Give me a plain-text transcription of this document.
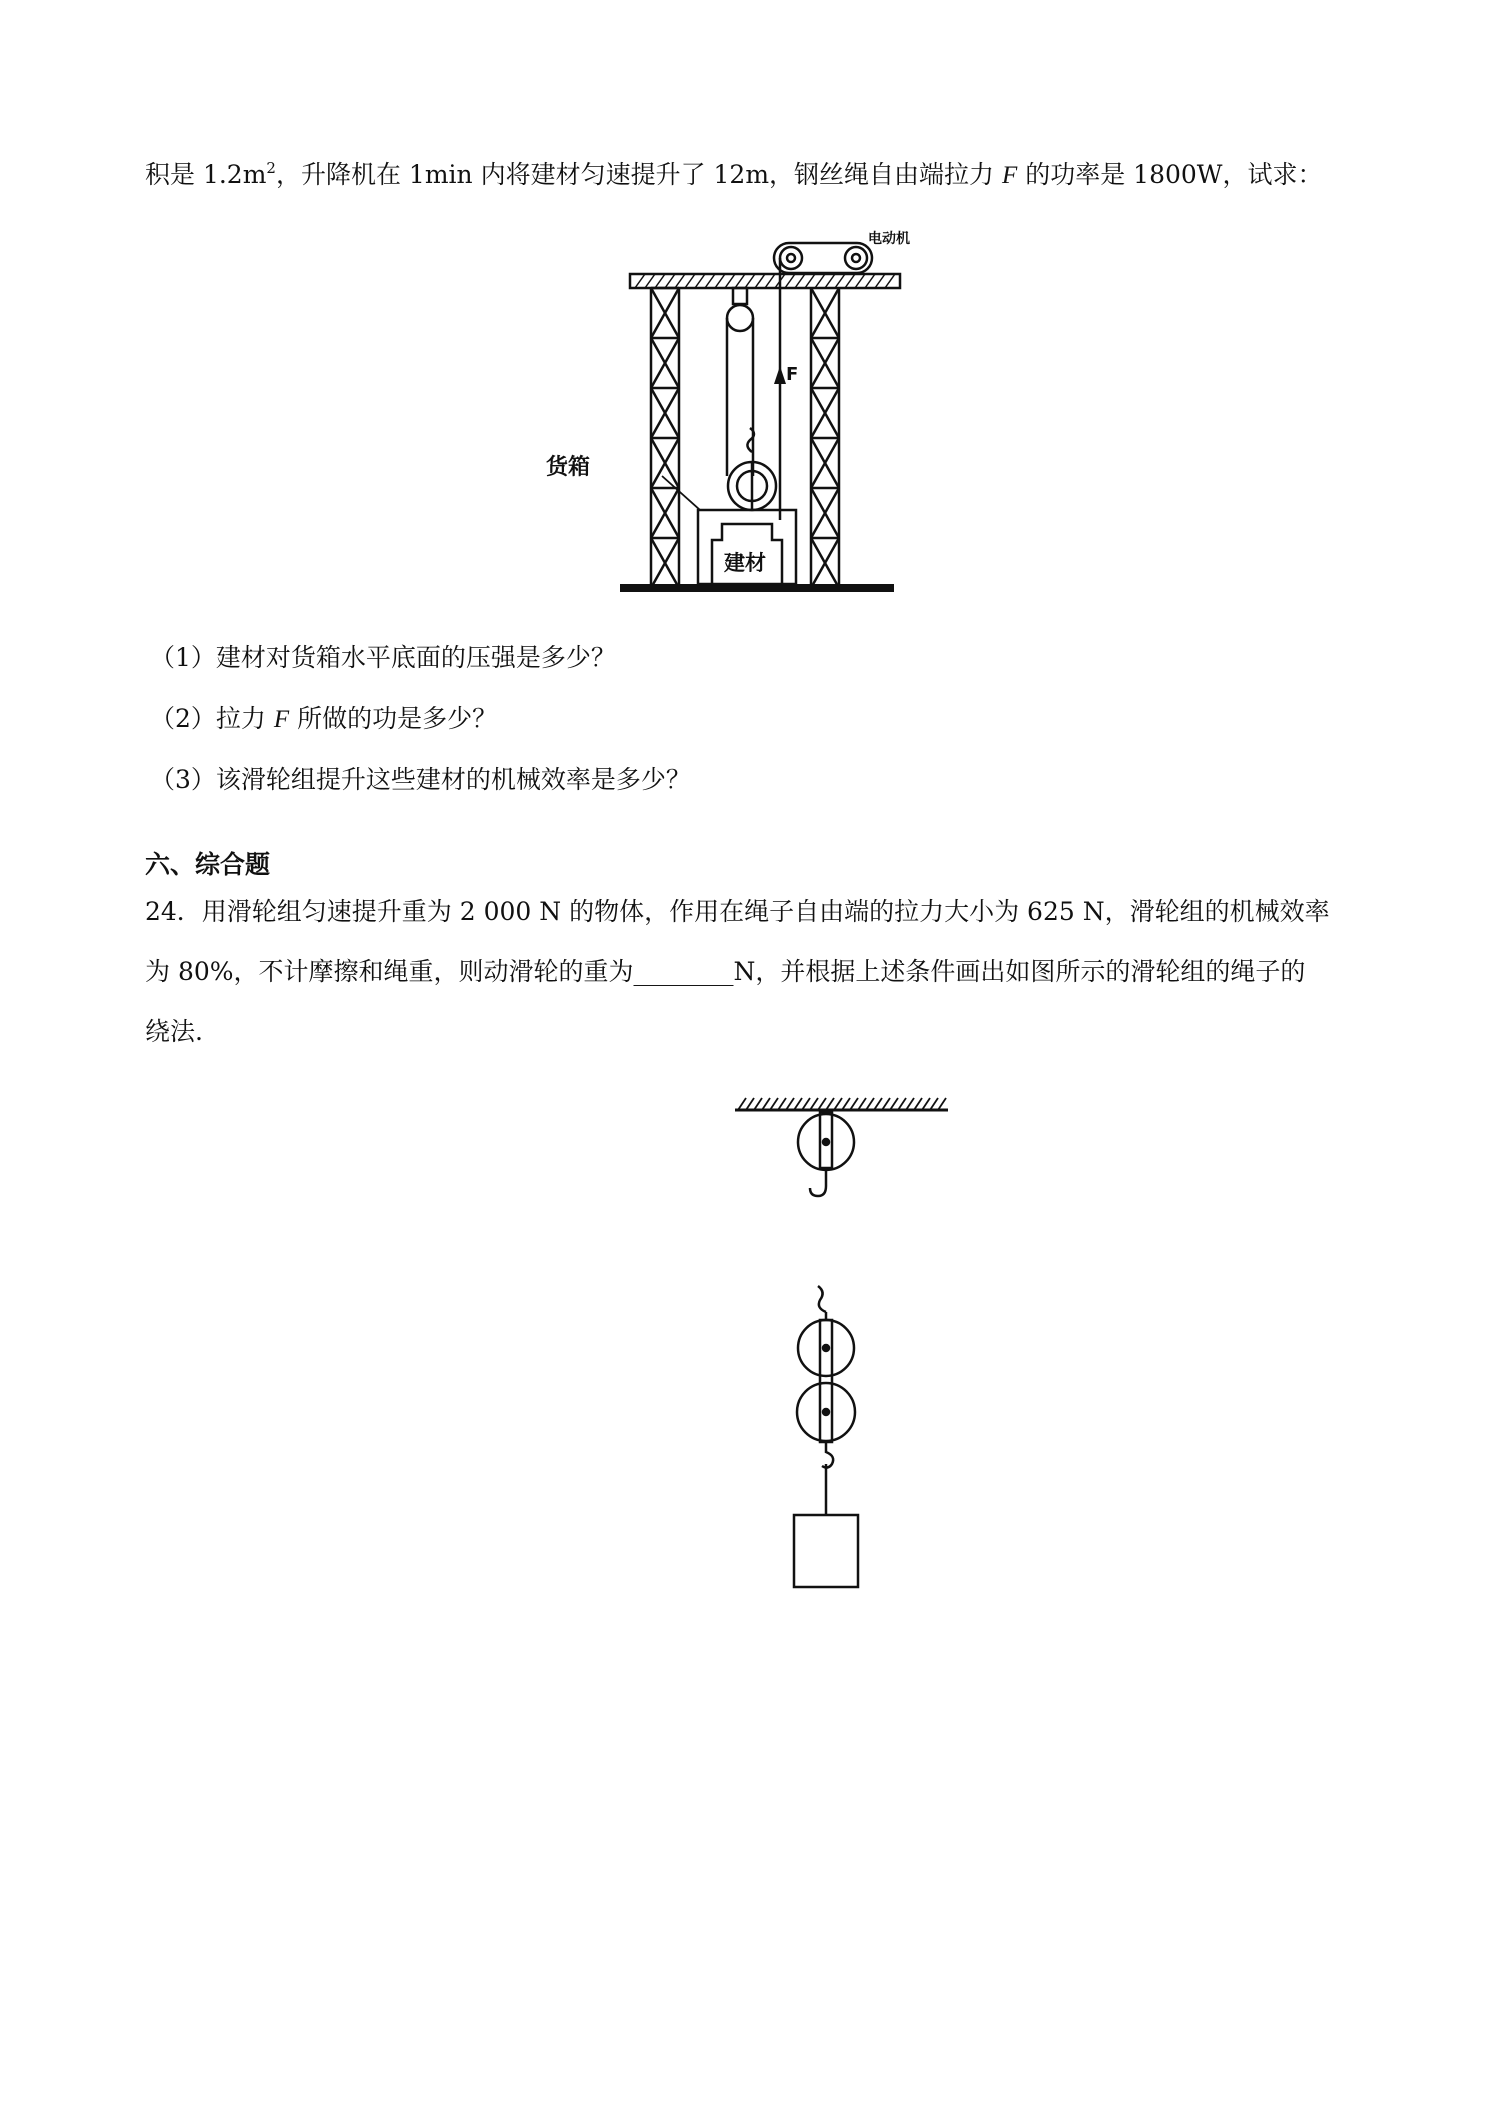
积是 $1.2m^2$，升降机在 1min 内将建材匀速提升了 12m，钢丝绳自由端拉力 F 的功率是 1800W，试求：
电动机
F
货箱
建材
（1）建材对货箱水平底面的压强是多少？
（2）拉力 F 所做的功是多少？
（3）该滑轮组提升这些建材的机械效率是多少？
六、综合题
24．用滑轮组匀速提升重为 2 000 N 的物体，作用在绳子自由端的拉力大小为 625 N，滑轮组的机械效率
为 80%，不计摩擦和绳重，则动滑轮的重为________N，并根据上述条件画出如图所示的滑轮组的绳子的
绕法.
